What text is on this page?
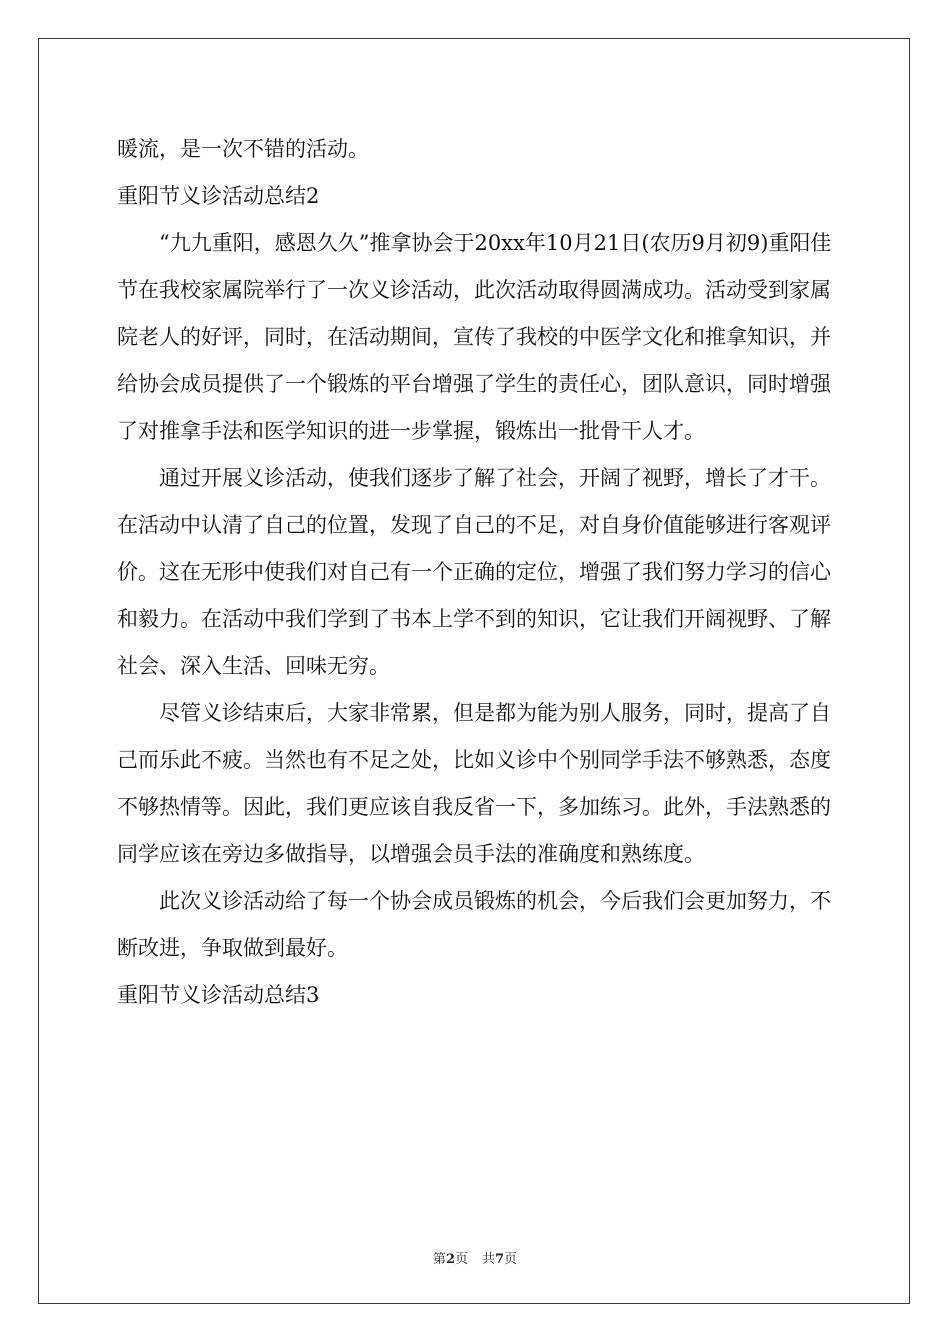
暖流，是一次不错的活动。

重阳节义诊活动总结2

“九九重阳，感恩久久”推拿协会于20xx年10月21日(农历9月初9)重阳佳节在我校家属院举行了一次义诊活动，此次活动取得圆满成功。活动受到家属院老人的好评，同时，在活动期间，宣传了我校的中医学文化和推拿知识，并给协会成员提供了一个锻炼的平台增强了学生的责任心，团队意识，同时增强了对推拿手法和医学知识的进一步掌握，锻炼出一批骨干人才。

通过开展义诊活动，使我们逐步了解了社会，开阔了视野，增长了才干。在活动中认清了自己的位置，发现了自己的不足，对自身价值能够进行客观评价。这在无形中使我们对自己有一个正确的定位，增强了我们努力学习的信心和毅力。在活动中我们学到了书本上学不到的知识，它让我们开阔视野、了解社会、深入生活、回味无穷。

尽管义诊结束后，大家非常累，但是都为能为别人服务，同时，提高了自己而乐此不疲。当然也有不足之处，比如义诊中个别同学手法不够熟悉，态度不够热情等。因此，我们更应该自我反省一下，多加练习。此外，手法熟悉的同学应该在旁边多做指导，以增强会员手法的准确度和熟练度。

此次义诊活动给了每一个协会成员锻炼的机会，今后我们会更加努力，不断改进，争取做到最好。

重阳节义诊活动总结3

第2页 共7页
